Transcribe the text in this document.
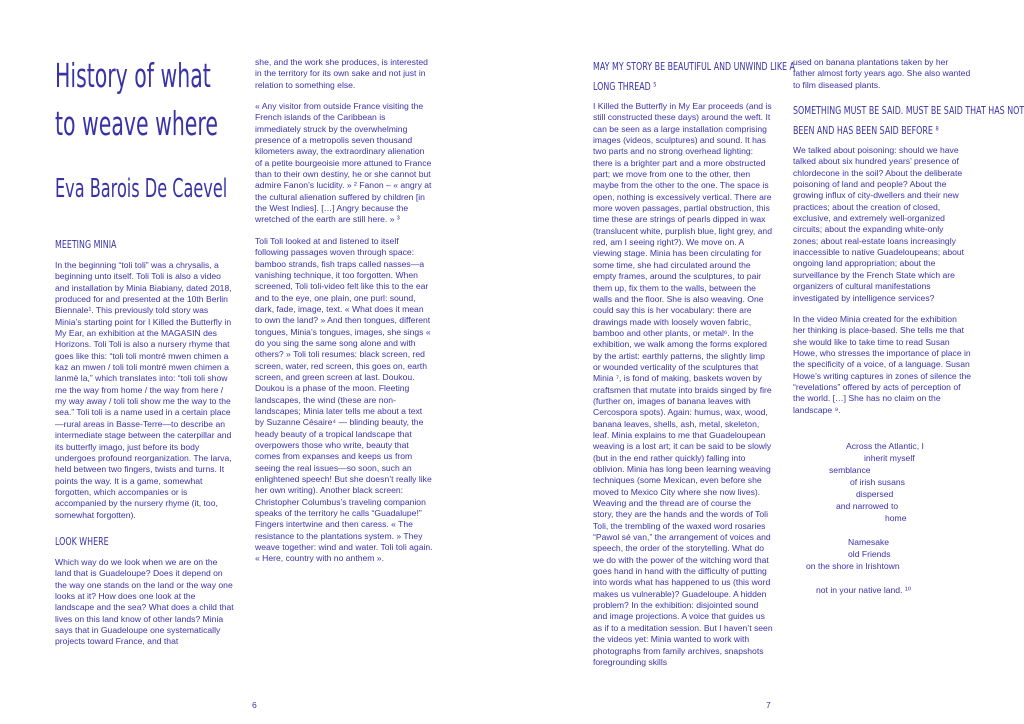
History of what
to weave where
Eva Barois De Caevel
MEETING MINIA

In the beginning “toli toli” was a chrysalis, a beginning unto itself. Toli Toli is also a video and installation by Minia Biabiany, dated 2018, produced for and presented at the 10th Berlin Biennale¹. This previously told story was Minia’s starting point for I Killed the Butterfly in My Ear, an exhibition at the MAGASIN des Horizons. Toli Toli is also a nursery rhyme that goes like this: “toli toli montré mwen chimen a kaz an mwen / toli toli montré mwen chimen a lanmè la,” which translates into: “toli toli show me the way from home / the way from here / my way away / toli toli show me the way to the sea.” Toli toli is a name used in a certain place—rural areas in Basse-Terre—to describe an intermediate stage between the caterpillar and its butterfly imago, just before its body undergoes profound reorganization. The larva, held between two fingers, twists and turns. It points the way. It is a game, somewhat forgotten, which accompanies or is accompanied by the nursery rhyme (it, too, somewhat forgotten).

LOOK WHERE

Which way do we look when we are on the land that is Guadeloupe? Does it depend on the way one stands on the land or the way one looks at it? How does one look at the landscape and the sea? What does a child that lives on this land know of other lands? Minia says that in Guadeloupe one systematically projects toward France, and that

she, and the work she produces, is interested in the territory for its own sake and not just in relation to something else.

« Any visitor from outside France visiting the French islands of the Caribbean is immediately struck by the overwhelming presence of a metropolis seven thousand kilometers away, the extraordinary alienation of a petite bourgeoisie more attuned to France than to their own destiny, he or she cannot but admire Fanon’s lucidity. » ² Fanon – « angry at the cultural alienation suffered by children [in the West Indies]. […] Angry because the wretched of the earth are still here. » ³

Toli Toli looked at and listened to itself following passages woven through space: bamboo strands, fish traps called nasses—a vanishing technique, it too forgotten. When screened, Toli toli-video felt like this to the ear and to the eye, one plain, one purl: sound, dark, fade, image, text. « What does it mean to own the land? » And then tongues, different tongues, Minia’s tongues, images, she sings « do you sing the same song alone and with others? » Toli toli resumes: black screen, red screen, water, red screen, this goes on, earth screen, and green screen at last. Doukou. Doukou is a phase of the moon. Fleeting landscapes, the wind (these are non-landscapes; Minia later tells me about a text by Suzanne Césaire⁴ — blinding beauty, the heady beauty of a tropical landscape that overpowers those who write, beauty that comes from expanses and keeps us from seeing the real issues—so soon, such an enlightened speech! But she doesn’t really like her own writing). Another black screen: Christopher Columbus’s traveling companion speaks of the territory he calls “Guadalupe!” Fingers intertwine and then caress. « The resistance to the plantations system. » They weave together: wind and water. Toli toli again. « Here, country with no anthem ».

6
MAY MY STORY BE BEAUTIFUL AND UNWIND LIKE A
LONG THREAD ⁵

I Killed the Butterfly in My Ear proceeds (and is still constructed these days) around the weft. It can be seen as a large installation comprising images (videos, sculptures) and sound. It has two parts and no strong overhead lighting: there is a brighter part and a more obstructed part; we move from one to the other, then maybe from the other to the one. The space is open, nothing is excessively vertical. There are more woven passages, partial obstruction, this time these are strings of pearls dipped in wax (translucent white, purplish blue, light grey, and red, am I seeing right?). We move on. A viewing stage. Minia has been circulating for some time, she had circulated around the empty frames, around the sculptures, to pair them up, fix them to the walls, between the walls and the floor. She is also weaving. One could say this is her vocabulary: there are drawings made with loosely woven fabric, bamboo and other plants, or metal⁶. In the exhibition, we walk among the forms explored by the artist: earthly patterns, the slightly limp or wounded verticality of the sculptures that Minia ⁷, is fond of making, baskets woven by craftsmen that mutate into braids singed by fire (further on, images of banana leaves with Cercospora spots). Again: humus, wax, wood, banana leaves, shells, ash, metal, skeleton, leaf. Minia explains to me that Guadeloupean weaving is a lost art; it can be said to be slowly (but in the end rather quickly) falling into oblivion. Minia has long been learning weaving techniques (some Mexican, even before she moved to Mexico City where she now lives). Weaving and the thread are of course the story, they are the hands and the words of Toli Toli, the trembling of the waxed word rosaries “Pawol sé van,” the arrangement of voices and speech, the order of the storytelling. What do we do with the power of the witching word that goes hand in hand with the difficulty of putting into words what has happened to us (this word makes us vulnerable)? Guadeloupe. A hidden problem? In the exhibition: disjointed sound and image projections. A voice that guides us as if to a meditation session. But I haven’t seen the videos yet: Minia wanted to work with photographs from family archives, snapshots foregrounding skills

used on banana plantations taken by her father almost forty years ago. She also wanted to film diseased plants.

SOMETHING MUST BE SAID. MUST BE SAID THAT HAS NOT
BEEN AND HAS BEEN SAID BEFORE ⁸

We talked about poisoning: should we have talked about six hundred years’ presence of chlordecone in the soil? About the deliberate poisoning of land and people? About the growing influx of city-dwellers and their new practices; about the creation of closed, exclusive, and extremely well-organized circuits; about the expanding white-only zones; about real-estate loans increasingly inaccessible to native Guadeloupeans; about ongoing land appropriation; about the surveillance by the French State which are organizers of cultural manifestations investigated by intelligence services?

In the video Minia created for the exhibition her thinking is place-based. She tells me that she would like to take time to read Susan Howe, who stresses the importance of place in the specificity of a voice, of a language. Susan Howe’s writing captures in zones of silence the “revelations” offered by acts of perception of the world. […] She has no claim on the landscape ⁹.

Across the Atlantic, I
inherit myself
semblance
of irish susans
dispersed
and narrowed to
home
Namesake
old Friends
on the shore in Irishtown
not in your native land. ¹⁰
7
